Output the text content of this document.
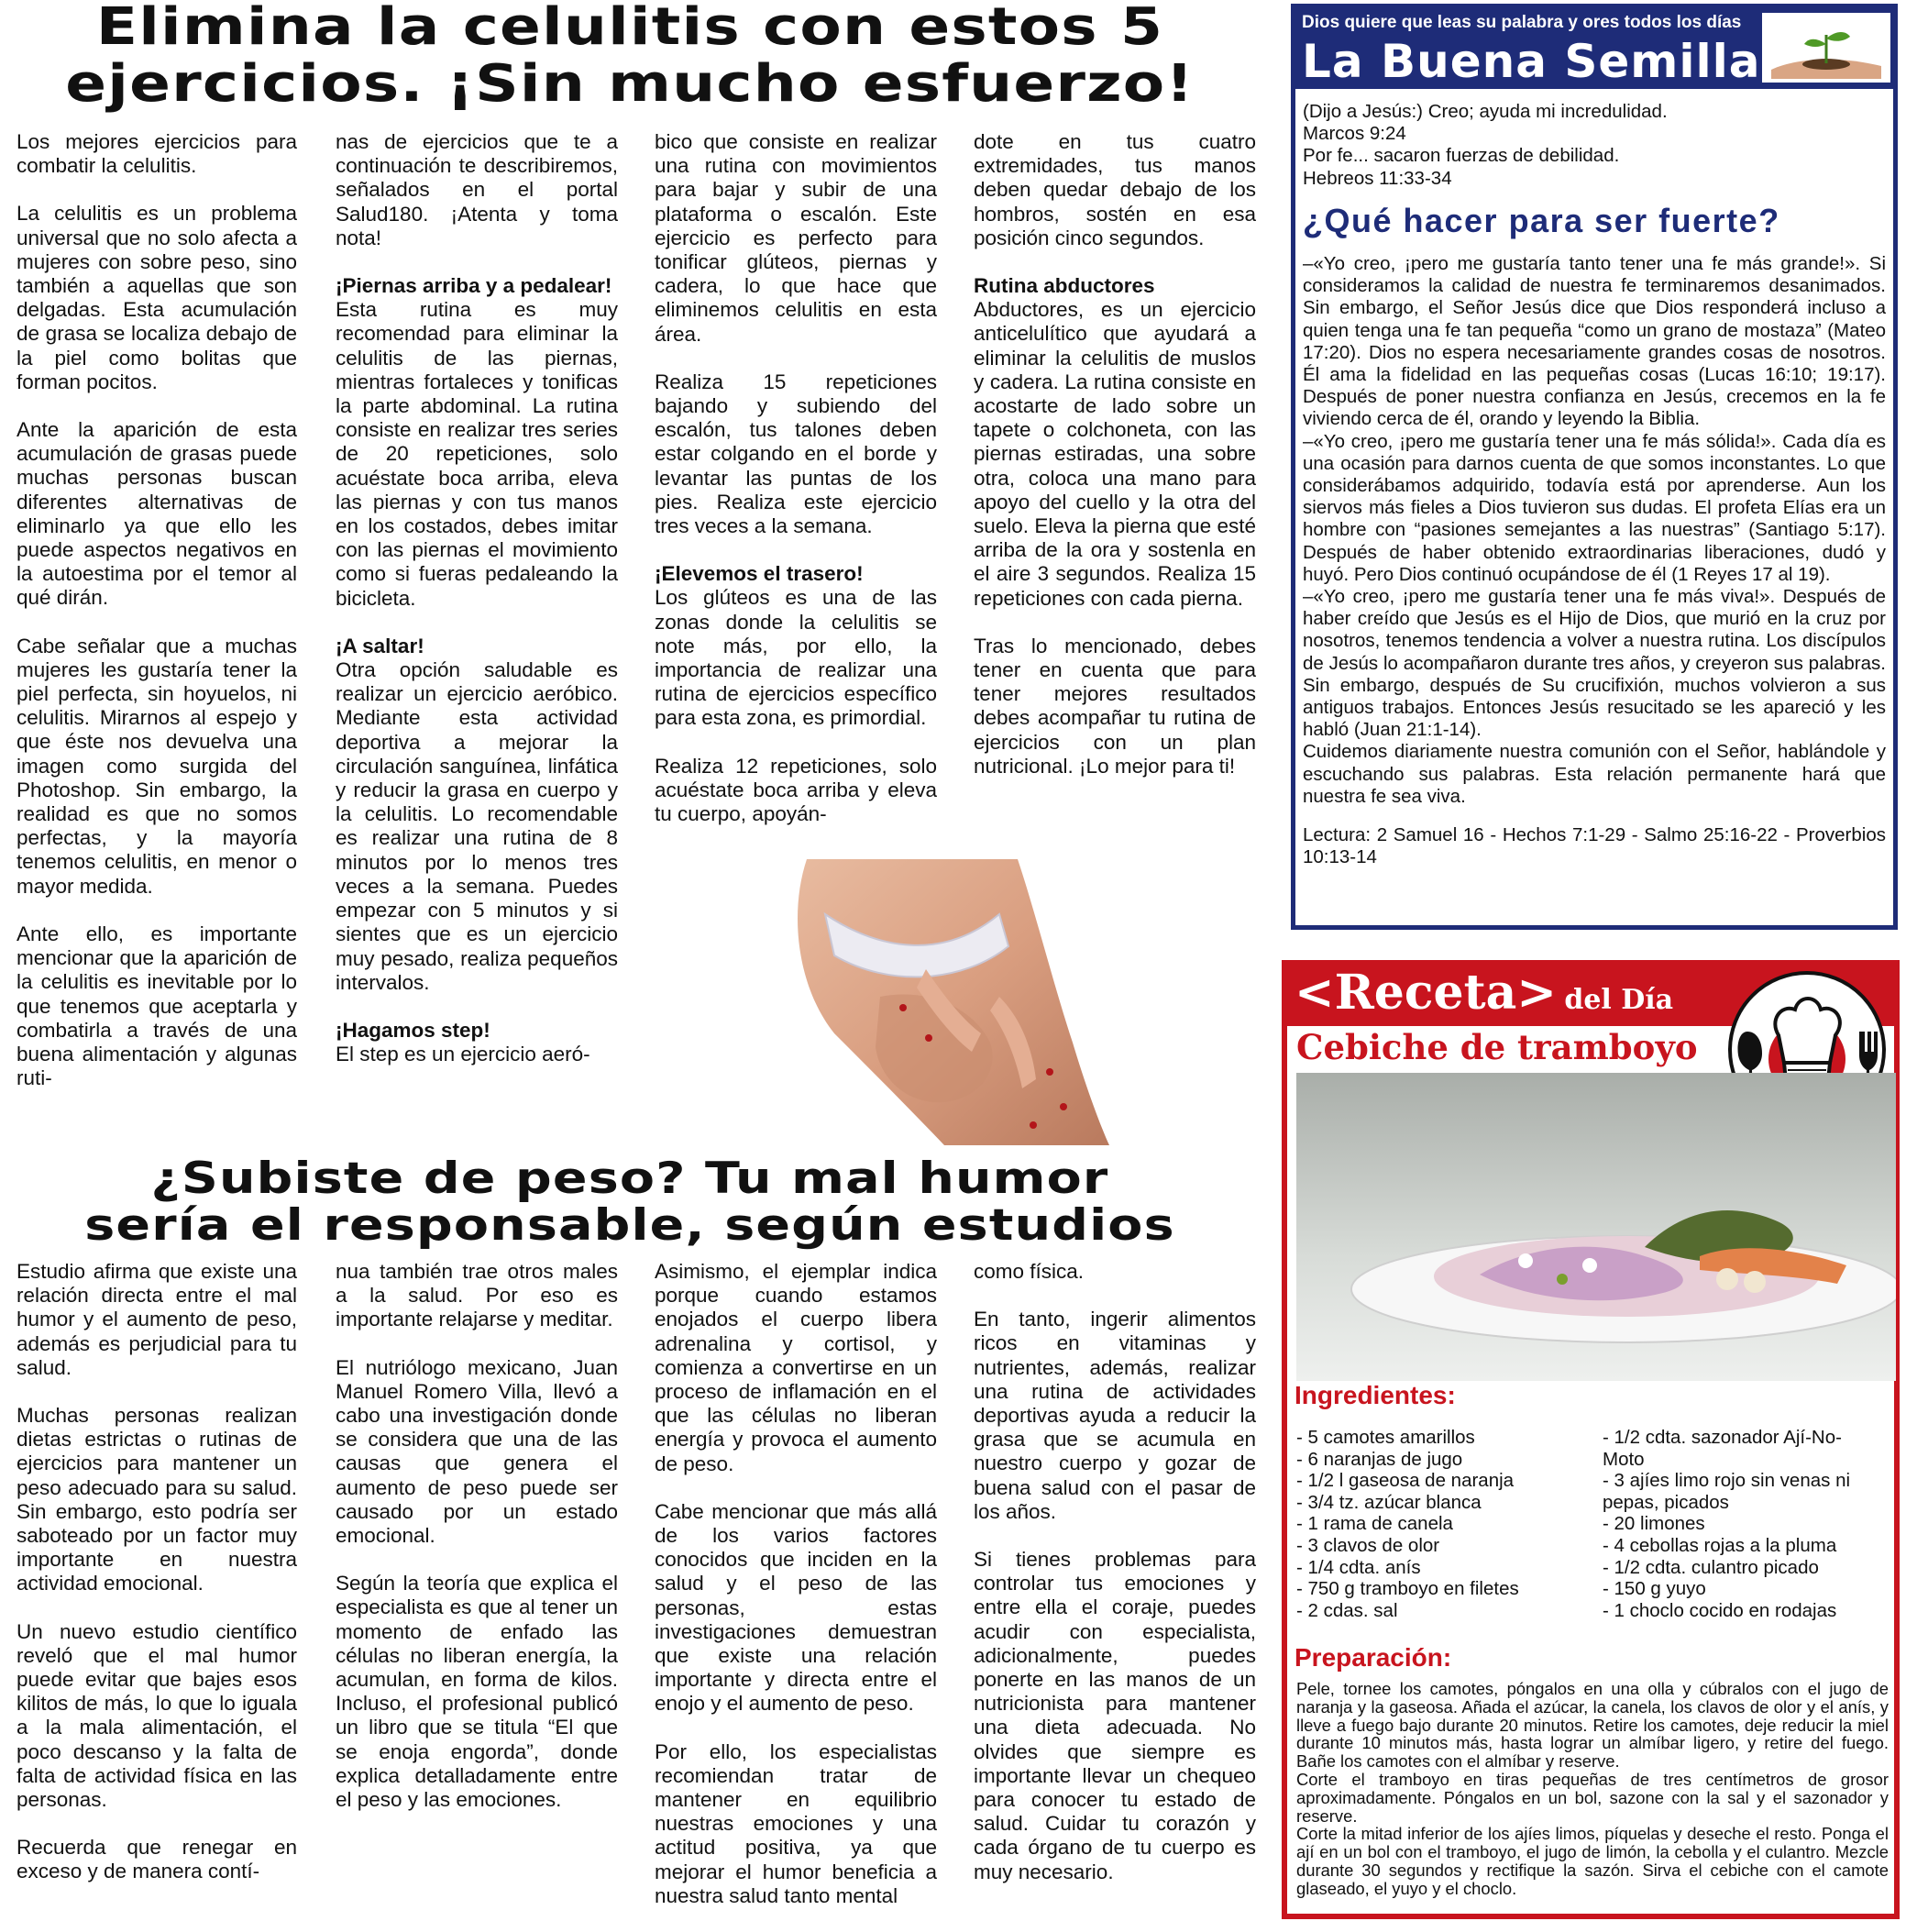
Elimina la celulitis con estos 5
ejercicios. ¡Sin mucho esfuerzo!

Los mejores ejercicios para combatir la celulitis.

La celulitis es un problema universal que no solo afecta a mujeres con sobre peso, sino también a aquellas que son delgadas. Esta acumulación de grasa se localiza debajo de la piel como bolitas que forman pocitos.

Ante la aparición de esta acumulación de grasas puede muchas personas buscan diferentes alternativas de eliminarlo ya que ello les puede aspectos negativos en la autoestima por el temor al qué dirán.

Cabe señalar que a muchas mujeres les gustaría tener la piel perfecta, sin hoyuelos, ni celulitis. Mirarnos al espejo y que éste nos devuelva una imagen como surgida del Photoshop. Sin embargo, la realidad es que no somos perfectas, y la mayoría tenemos celulitis, en menor o mayor medida.

Ante ello, es importante mencionar que la aparición de la celulitis es inevitable por lo que tenemos que aceptarla y combatirla a través de una buena alimentación y algunas ruti-

nas de ejercicios que te a continuación te describiremos, señalados en el portal Salud180. ¡Atenta y toma nota!

¡Piernas arriba y a pedalear!

Esta rutina es muy recomendad para eliminar la celulitis de las piernas, mientras fortaleces y tonificas la parte abdominal. La rutina consiste en realizar tres series de 20 repeticiones, solo acuéstate boca arriba, eleva las piernas y con tus manos en los costados, debes imitar con las piernas el movimiento como si fueras pedaleando la bicicleta.

¡A saltar!

Otra opción saludable es realizar un ejercicio aeróbico. Mediante esta actividad deportiva a mejorar la circulación sanguínea, linfática y reducir la grasa en cuerpo y la celulitis. Lo recomendable es realizar una rutina de 8 minutos por lo menos tres veces a la semana. Puedes empezar con 5 minutos y si sientes que es un ejercicio muy pesado, realiza pequeños intervalos.

¡Hagamos step!

El step es un ejercicio aeró-

bico que consiste en realizar una rutina con movimientos para bajar y subir de una plataforma o escalón. Este ejercicio es perfecto para tonificar glúteos, piernas y cadera, lo que hace que eliminemos celulitis en esta área.

Realiza 15 repeticiones bajando y subiendo del escalón, tus talones deben estar colgando en el borde y levantar las puntas de los pies. Realiza este ejercicio tres veces a la semana.

¡Elevemos el trasero!

Los glúteos es una de las zonas donde la celulitis se note más, por ello, la importancia de realizar una rutina de ejercicios específico para esta zona, es primordial.

Realiza 12 repeticiones, solo acuéstate boca arriba y eleva tu cuerpo, apoyán-

dote en tus cuatro extremidades, tus manos deben quedar debajo de los hombros, sostén en esa posición cinco segundos.

Rutina abductores

Abductores, es un ejercicio anticelulítico que ayudará a eliminar la celulitis de muslos y cadera. La rutina consiste en acostarte de lado sobre un tapete o colchoneta, con las piernas estiradas, una sobre otra, coloca una mano para apoyo del cuello y la otra del suelo. Eleva la pierna que esté arriba de la ora y sostenla en el aire 3 segundos. Realiza 15 repeticiones con cada pierna.

Tras lo mencionado, debes tener en cuenta que para tener mejores resultados debes acompañar tu rutina de ejercicios con un plan nutricional. ¡Lo mejor para ti!

¿Subiste de peso? Tu mal humor
sería el responsable, según estudios

Estudio afirma que existe una relación directa entre el mal humor y el aumento de peso, además es perjudicial para tu salud.

Muchas personas realizan dietas estrictas o rutinas de ejercicios para mantener un peso adecuado para su salud. Sin embargo, esto podría ser saboteado por un factor muy importante en nuestra actividad emocional.

Un nuevo estudio científico reveló que el mal humor puede evitar que bajes esos kilitos de más, lo que lo iguala a la mala alimentación, el poco descanso y la falta de falta de actividad física en las personas.

Recuerda que renegar en exceso y de manera contí-

nua también trae otros males a la salud. Por eso es importante relajarse y meditar.

El nutriólogo mexicano, Juan Manuel Romero Villa, llevó a cabo una investigación donde se considera que una de las causas que genera el aumento de peso puede ser causado por un estado emocional.

Según la teoría que explica el especialista es que al tener un momento de enfado las células no liberan energía, la acumulan, en forma de kilos. Incluso, el profesional publicó un libro que se titula “El que se enoja engorda”, donde explica detalladamente entre el peso y las emociones.

Asimismo, el ejemplar indica porque cuando estamos enojados el cuerpo libera adrenalina y cortisol, y comienza a convertirse en un proceso de inflamación en el que las células no liberan energía y provoca el aumento de peso.

Cabe mencionar que más allá de los varios factores conocidos que inciden en la salud y el peso de las personas, estas investigaciones demuestran que existe una relación importante y directa entre el enojo y el aumento de peso.

Por ello, los especialistas recomiendan tratar de mantener en equilibrio nuestras emociones y una actitud positiva, ya que mejorar el humor beneficia a nuestra salud tanto mental

como física.

En tanto, ingerir alimentos ricos en vitaminas y nutrientes, además, realizar una rutina de actividades deportivas ayuda a reducir la grasa que se acumula en nuestro cuerpo y gozar de buena salud con el pasar de los años.

Si tienes problemas para controlar tus emociones y entre ella el coraje, puedes acudir con especialista, adicionalmente, puedes ponerte en las manos de un nutricionista para mantener una dieta adecuada. No olvides que siempre es importante llevar un chequeo para conocer tu estado de salud. Cuidar tu corazón y cada órgano de tu cuerpo es muy necesario.

Dios quiere que leas su palabra y ores todos los días
La Buena Semilla
(Dijo a Jesús:) Creo; ayuda mi incredulidad.
Marcos 9:24
Por fe... sacaron fuerzas de debilidad.
Hebreos 11:33-34
¿Qué hacer para ser fuerte?
–«Yo creo, ¡pero me gustaría tanto tener una fe más grande!». Si consideramos la calidad de nuestra fe terminaremos desanimados. Sin embargo, el Señor Jesús dice que Dios responderá incluso a quien tenga una fe tan pequeña “como un grano de mostaza” (Mateo 17:20). Dios no espera necesariamente grandes cosas de nosotros. Él ama la fidelidad en las pequeñas cosas (Lucas 16:10; 19:17). Después de poner nuestra confianza en Jesús, crecemos en la fe viviendo cerca de él, orando y leyendo la Biblia.
–«Yo creo, ¡pero me gustaría tener una fe más sólida!». Cada día es una ocasión para darnos cuenta de que somos inconstantes. Lo que considerábamos adquirido, todavía está por aprenderse. Aun los siervos más fieles a Dios tuvieron sus dudas. El profeta Elías era un hombre con “pasiones semejantes a las nuestras” (Santiago 5:17). Después de haber obtenido extraordinarias liberaciones, dudó y huyó. Pero Dios continuó ocupándose de él (1 Reyes 17 al 19).
–«Yo creo, ¡pero me gustaría tener una fe más viva!». Después de haber creído que Jesús es el Hijo de Dios, que murió en la cruz por nosotros, tenemos tendencia a volver a nuestra rutina. Los discípulos de Jesús lo acompañaron durante tres años, y creyeron sus palabras. Sin embargo, después de Su crucifixión, muchos volvieron a sus antiguos trabajos. Entonces Jesús resucitado se les apareció y les habló (Juan 21:1-14).
Cuidemos diariamente nuestra comunión con el Señor, hablándole y escuchando sus palabras. Esta relación permanente hará que nuestra fe sea viva.
Lectura: 2 Samuel 16 - Hechos 7:1-29 - Salmo 25:16-22 - Proverbios 10:13-14
<Receta> del Día
Cebiche de tramboyo
Ingredientes:
- 5 camotes amarillos
- 6 naranjas de jugo
- 1/2 l gaseosa de naranja
- 3/4 tz. azúcar blanca
- 1 rama de canela
- 3 clavos de olor
- 1/4 cdta. anís
- 750 g tramboyo en filetes
- 2 cdas. sal
- 1/2 cdta. sazonador Ají-No-
Moto
- 3 ajíes limo rojo sin venas ni
pepas, picados
- 20 limones
- 4 cebollas rojas a la pluma
- 1/2 cdta. culantro picado
- 150 g yuyo
- 1 choclo cocido en rodajas
Preparación:

Pele, tornee los camotes, póngalos en una olla y cúbralos con el jugo de naranja y la gaseosa. Añada el azúcar, la canela, los clavos de olor y el anís, y lleve a fuego bajo durante 20 minutos. Retire los camotes, deje reducir la miel durante 10 minutos más, hasta lograr un almíbar ligero, y retire del fuego. Bañe los camotes con el almíbar y reserve.

Corte el tramboyo en tiras pequeñas de tres centímetros de grosor aproximadamente. Póngalos en un bol, sazone con la sal y el sazonador y reserve.

Corte la mitad inferior de los ajíes limos, píquelas y deseche el resto. Ponga el ají en un bol con el tramboyo, el jugo de limón, la cebolla y el culantro. Mezcle durante 30 segundos y rectifique la sazón. Sirva el cebiche con el camote glaseado, el yuyo y el choclo.
